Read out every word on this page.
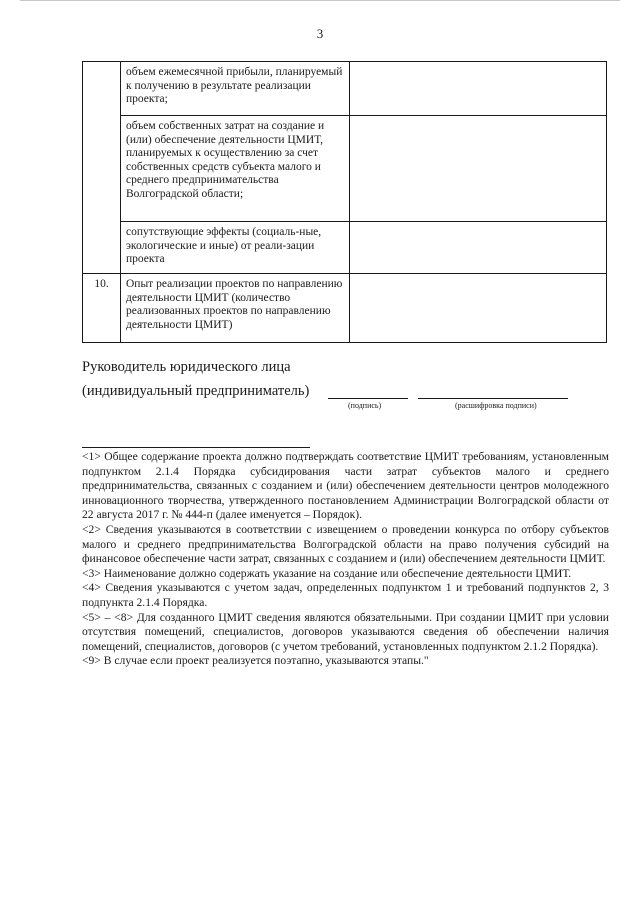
3
	объем ежемесячной прибыли, планируемый к получению в результате реализации проекта;	
	объем собственных затрат на создание и (или) обеспечение деятельности ЦМИТ, планируемых к осуществлению за счет собственных средств субъекта малого и среднего предпринимательства Волгоградской области;	
	сопутствующие эффекты (социаль-ные, экологические и иные) от реали-зации проекта	
10.	Опыт реализации проектов по направлению деятельности ЦМИТ (количество реализованных проектов по направлению деятельности ЦМИТ)	
Руководитель юридического лица
(индивидуальный предприниматель)
(подпись)	(расшифровка подписи)

<1> Общее содержание проекта должно подтверждать соответствие ЦМИТ требованиям, установленным подпунктом 2.1.4 Порядка субсидирования части затрат субъектов малого и среднего предпринимательства, связанных с созданием и (или) обеспечением деятельности центров молодежного инновационного творчества, утвержденного постановлением Администрации Волгоградской области от 22 августа 2017 г. № 444-п (далее именуется – Порядок).

<2> Сведения указываются в соответствии с извещением о проведении конкурса по отбору субъектов малого и среднего предпринимательства Волгоградской области на право получения субсидий на финансовое обеспечение части затрат, связанных с созданием и (или) обеспечением деятельности ЦМИТ.

<3> Наименование должно содержать указание на создание или обеспечение деятельности ЦМИТ.

<4> Сведения указываются с учетом задач, определенных подпунктом 1 и требований подпунктов 2, 3 подпункта 2.1.4 Порядка.

<5> – <8> Для созданного ЦМИТ сведения являются обязательными. При создании ЦМИТ при условии отсутствия помещений, специалистов, договоров указываются сведения об обеспечении наличия помещений, специалистов, договоров (с учетом требований, установленных подпунктом 2.1.2 Порядка).

<9> В случае если проект реализуется поэтапно, указываются этапы."
